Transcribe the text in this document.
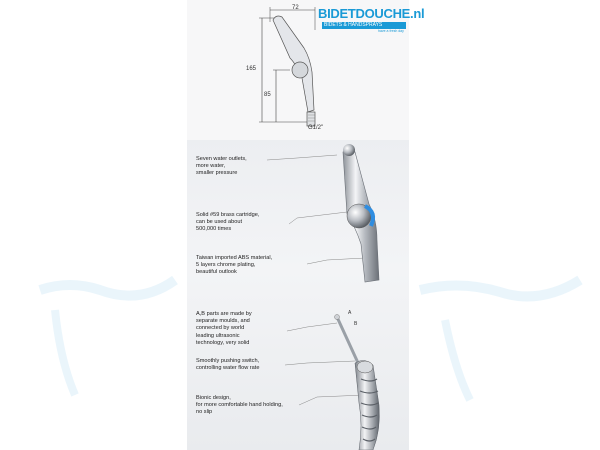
BIDETDOUCHE.nl
BIDETS & HANDSPRAYS
have a fresh day
72
165
85
G1/2"
Seven water outlets,
more water,
smaller pressure
Solid #59 brass cartridge,
can be used about
500,000 times
Taiwan imported ABS material,
5 layers chrome plating,
beautiful outlook
A
B
A,B parts are made by
separate moulds, and
connected by world
leading ultrasonic
technology, very solid
Smoothly pushing switch,
controlling water flow rate
Bionic design,
for more comfortable hand holding,
no slip
